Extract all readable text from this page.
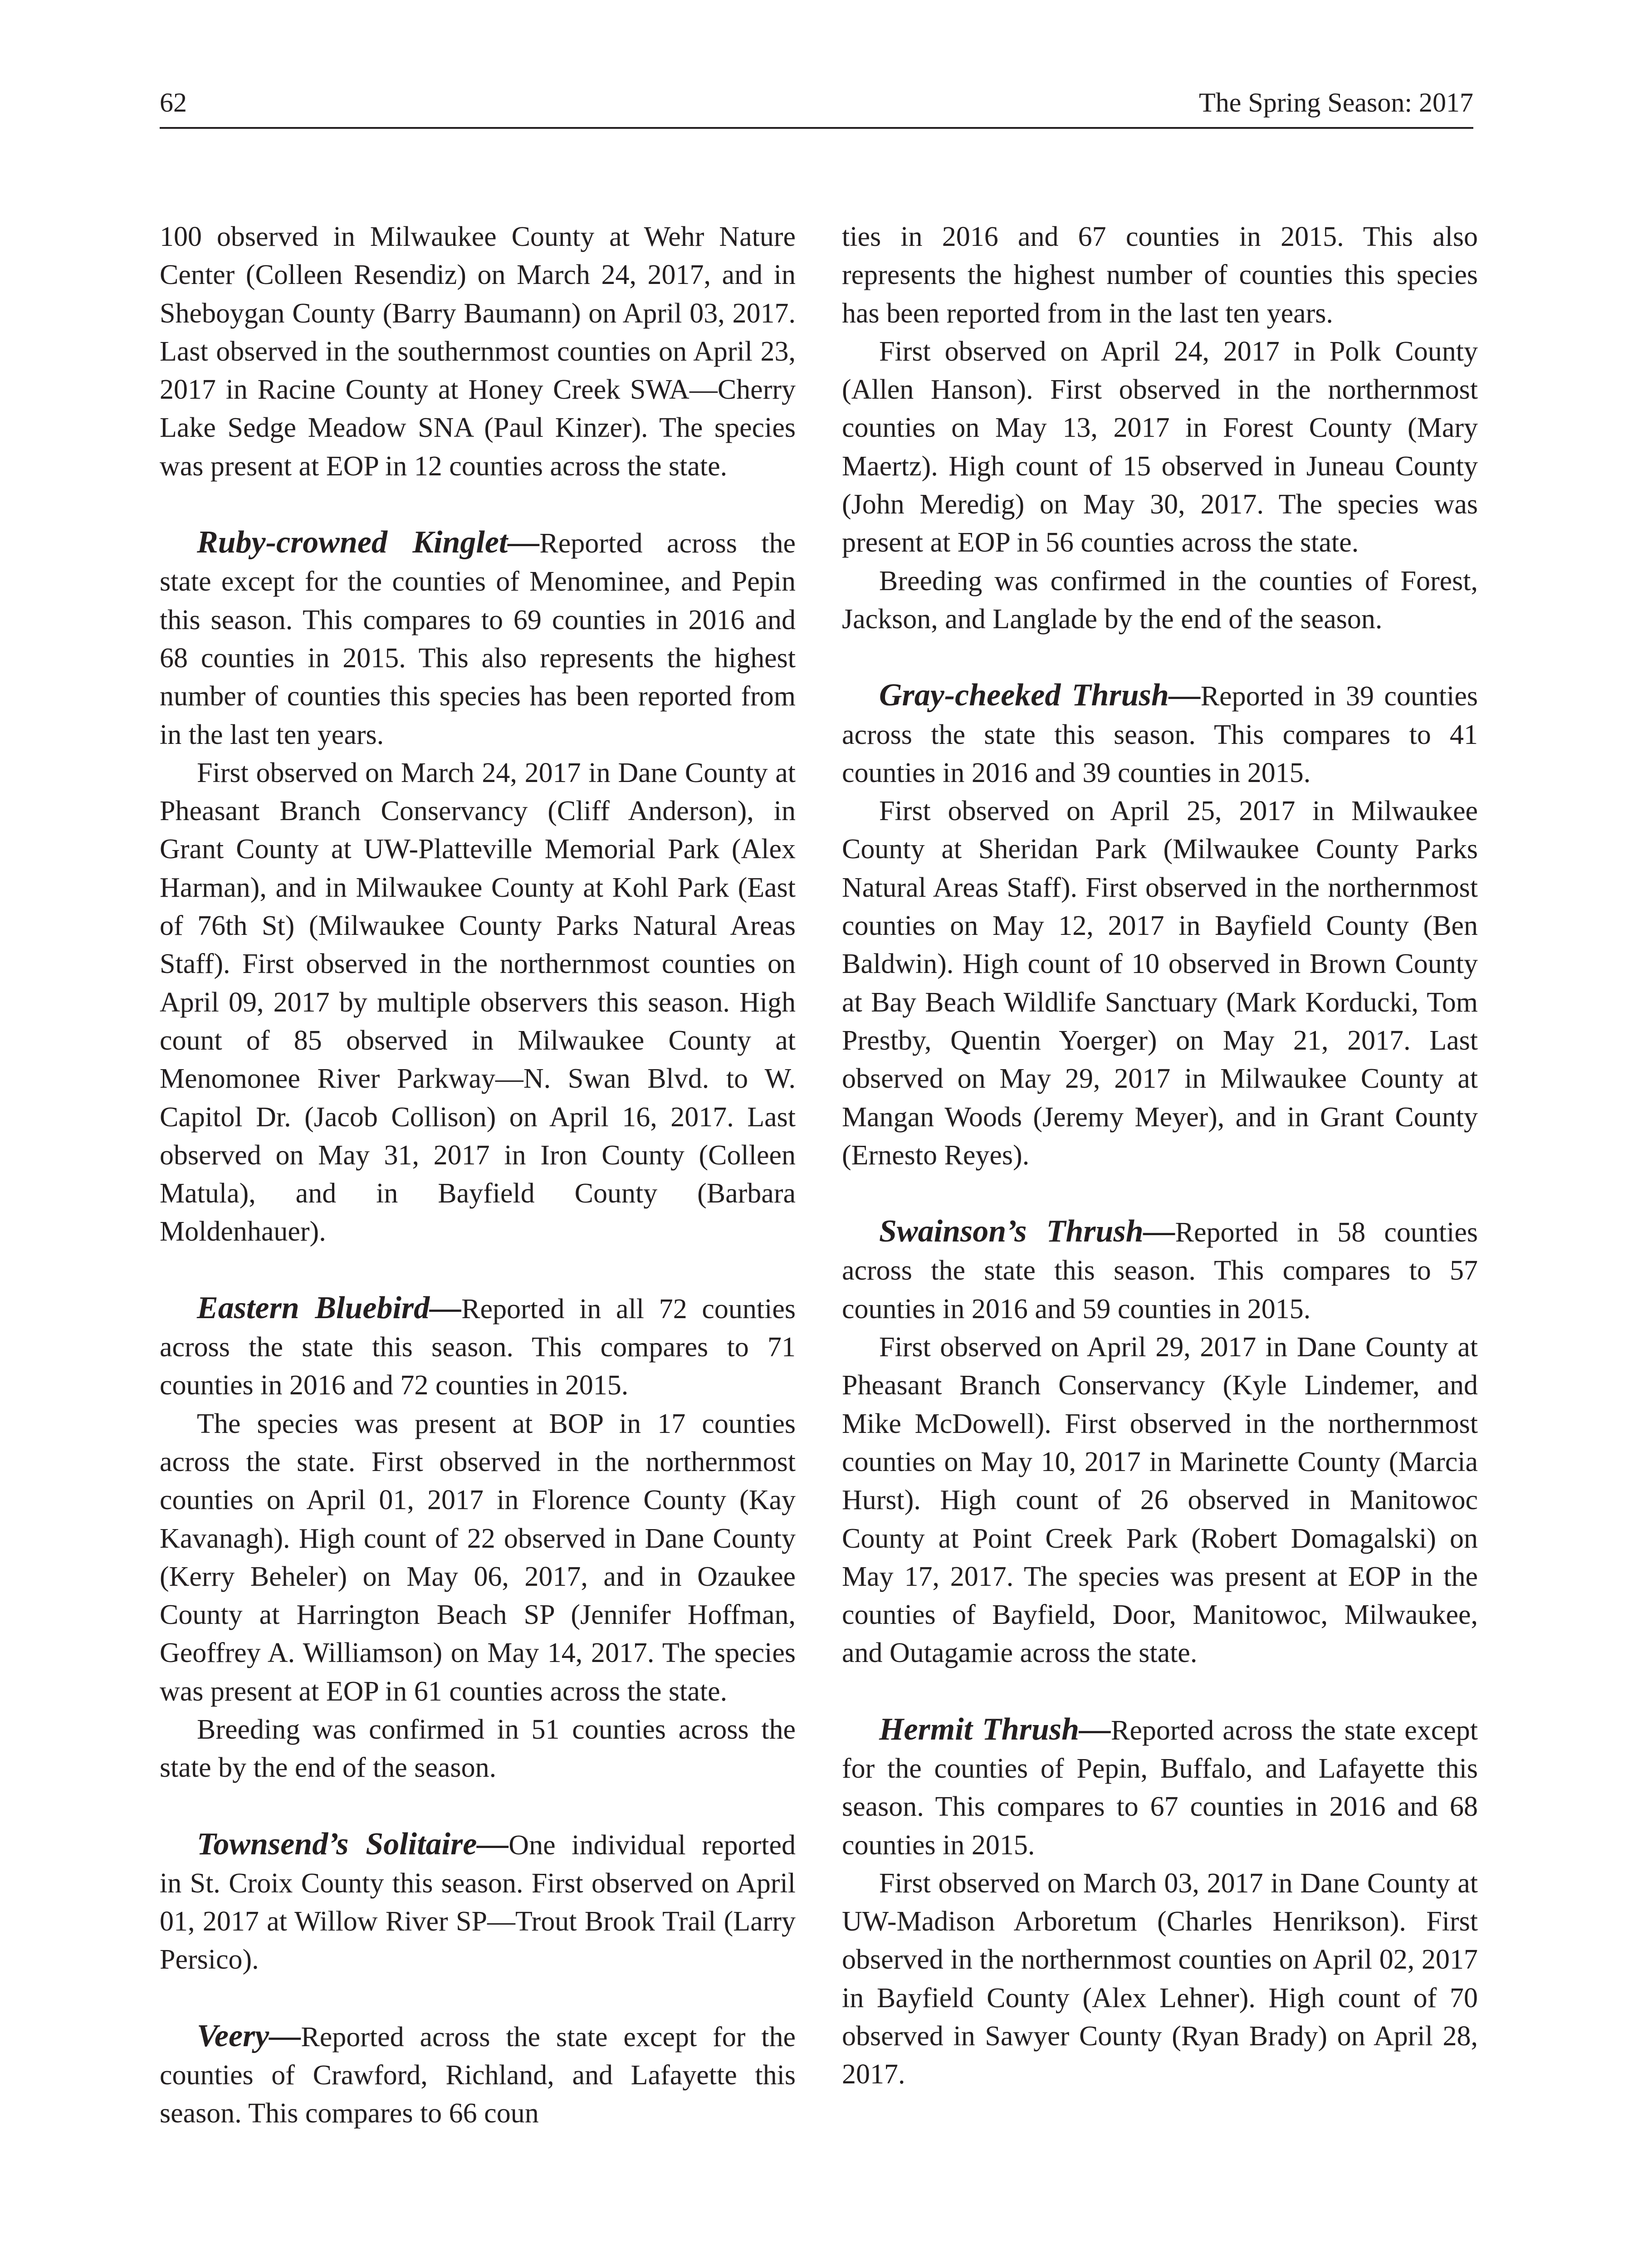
62	The Spring Season: 2017

100 observed in Milwaukee County at Wehr Nature Center (Colleen Resendiz) on March 24, 2017, and in Sheboygan County (Barry Baumann) on April 03, 2017. Last observed in the southernmost counties on April 23, 2017 in Racine County at Honey Creek SWA—Cherry Lake Sedge Meadow SNA (Paul Kinzer). The species was present at EOP in 12 counties across the state.

Ruby-crowned Kinglet—Reported across the state except for the counties of Menominee, and Pepin this season. This compares to 69 counties in 2016 and 68 counties in 2015. This also represents the highest number of counties this species has been reported from in the last ten years.

First observed on March 24, 2017 in Dane County at Pheasant Branch Conservancy (Cliff Anderson), in Grant County at UW-Platteville Memorial Park (Alex Harman), and in Milwaukee County at Kohl Park (East of 76th St) (Milwaukee County Parks Natural Areas Staff). First observed in the northernmost counties on April 09, 2017 by multiple observers this season. High count of 85 observed in Milwaukee County at Menomonee River Parkway—N. Swan Blvd. to W. Capitol Dr. (Jacob Collison) on April 16, 2017. Last observed on May 31, 2017 in Iron County (Colleen Matula), and in Bayfield County (Barbara Moldenhauer).

Eastern Bluebird—Reported in all 72 counties across the state this season. This compares to 71 counties in 2016 and 72 counties in 2015.

The species was present at BOP in 17 counties across the state. First observed in the northernmost counties on April 01, 2017 in Florence County (Kay Kavanagh). High count of 22 observed in Dane County (Kerry Beheler) on May 06, 2017, and in Ozaukee County at Harrington Beach SP (Jennifer Hoffman, Geoffrey A. Williamson) on May 14, 2017. The species was present at EOP in 61 counties across the state.

Breeding was confirmed in 51 counties across the state by the end of the season.

Townsend’s Solitaire—One individual reported in St. Croix County this season. First observed on April 01, 2017 at Willow River SP—Trout Brook Trail (Larry Persico).

Veery—Reported across the state except for the counties of Crawford, Richland, and Lafayette this season. This compares to 66 coun

ties in 2016 and 67 counties in 2015. This also represents the highest number of counties this species has been reported from in the last ten years.

First observed on April 24, 2017 in Polk County (Allen Hanson). First observed in the northernmost counties on May 13, 2017 in Forest County (Mary Maertz). High count of 15 observed in Juneau County (John Meredig) on May 30, 2017. The species was present at EOP in 56 counties across the state.

Breeding was confirmed in the counties of Forest, Jackson, and Langlade by the end of the season.

Gray-cheeked Thrush—Reported in 39 counties across the state this season. This compares to 41 counties in 2016 and 39 counties in 2015.

First observed on April 25, 2017 in Milwaukee County at Sheridan Park (Milwaukee County Parks Natural Areas Staff). First observed in the northernmost counties on May 12, 2017 in Bayfield County (Ben Baldwin). High count of 10 observed in Brown County at Bay Beach Wildlife Sanctuary (Mark Korducki, Tom Prestby, Quentin Yoerger) on May 21, 2017. Last observed on May 29, 2017 in Milwaukee County at Mangan Woods (Jeremy Meyer), and in Grant County (Ernesto Reyes).

Swainson’s Thrush—Reported in 58 counties across the state this season. This compares to 57 counties in 2016 and 59 counties in 2015.

First observed on April 29, 2017 in Dane County at Pheasant Branch Conservancy (Kyle Lindemer, and Mike McDowell). First observed in the northernmost counties on May 10, 2017 in Marinette County (Marcia Hurst). High count of 26 observed in Manitowoc County at Point Creek Park (Robert Domagalski) on May 17, 2017. The species was present at EOP in the counties of Bayfield, Door, Manitowoc, Milwaukee, and Outagamie across the state.

Hermit Thrush—Reported across the state except for the counties of Pepin, Buffalo, and Lafayette this season. This compares to 67 counties in 2016 and 68 counties in 2015.

First observed on March 03, 2017 in Dane County at UW-Madison Arboretum (Charles Henrikson). First observed in the northernmost counties on April 02, 2017 in Bayfield County (Alex Lehner). High count of 70 observed in Sawyer County (Ryan Brady) on April 28, 2017.
